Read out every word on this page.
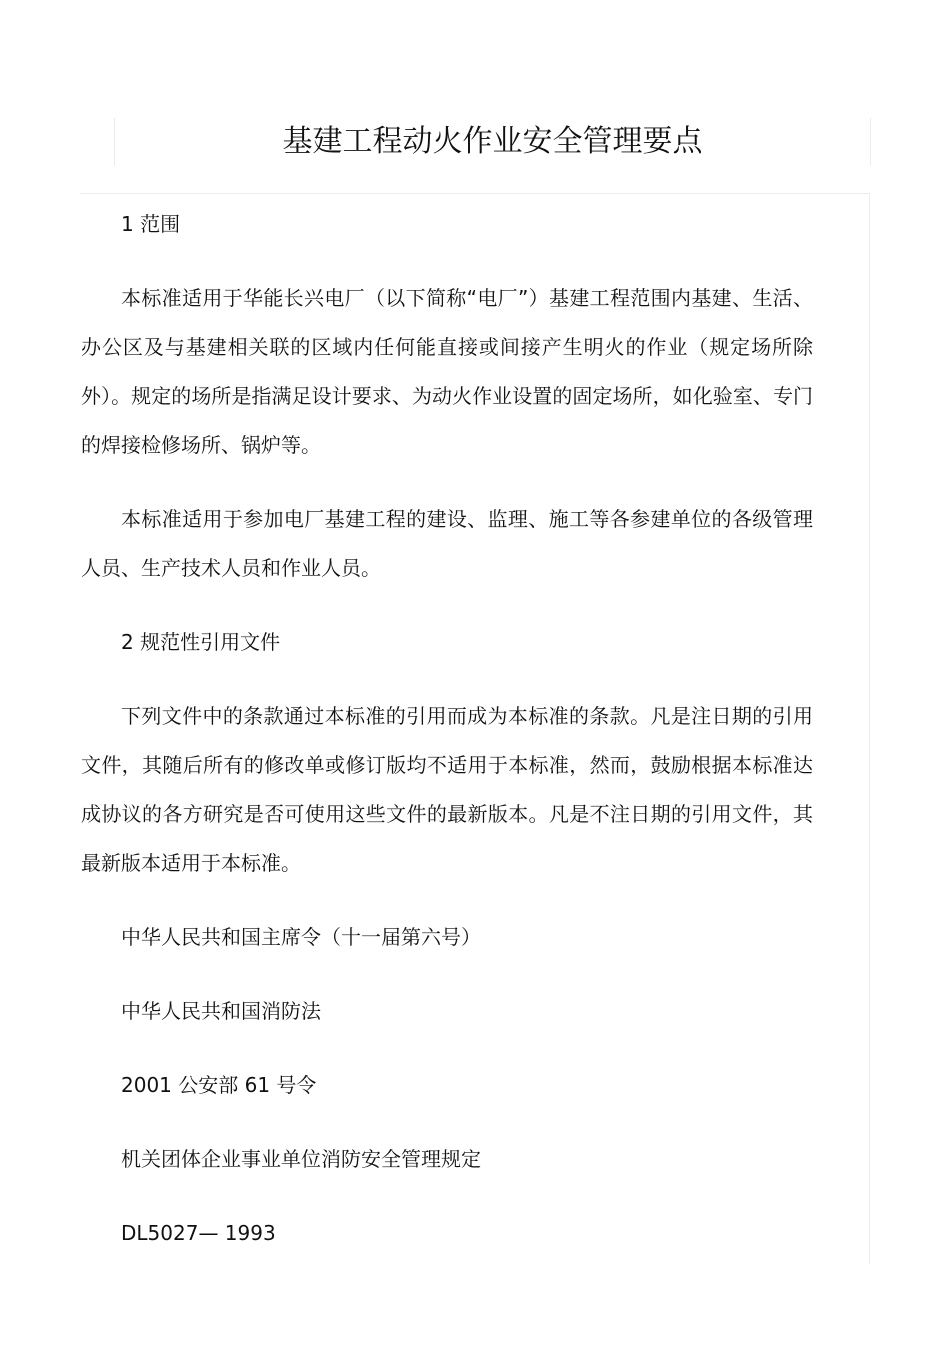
基建工程动火作业安全管理要点

1 范围

本标准适用于华能长兴电厂（以下简称“电厂”）基建工程范围内基建、生活、办公区及与基建相关联的区域内任何能直接或间接产生明火的作业（规定场所除外）。规定的场所是指满足设计要求、为动火作业设置的固定场所，如化验室、专门的焊接检修场所、锅炉等。

本标准适用于参加电厂基建工程的建设、监理、施工等各参建单位的各级管理人员、生产技术人员和作业人员。

2 规范性引用文件

下列文件中的条款通过本标准的引用而成为本标准的条款。凡是注日期的引用文件，其随后所有的修改单或修订版均不适用于本标准，然而，鼓励根据本标准达成协议的各方研究是否可使用这些文件的最新版本。凡是不注日期的引用文件，其最新版本适用于本标准。

中华人民共和国主席令（十一届第六号）

中华人民共和国消防法

2001 公安部 61 号令

机关团体企业事业单位消防安全管理规定

DL5027— 1993
